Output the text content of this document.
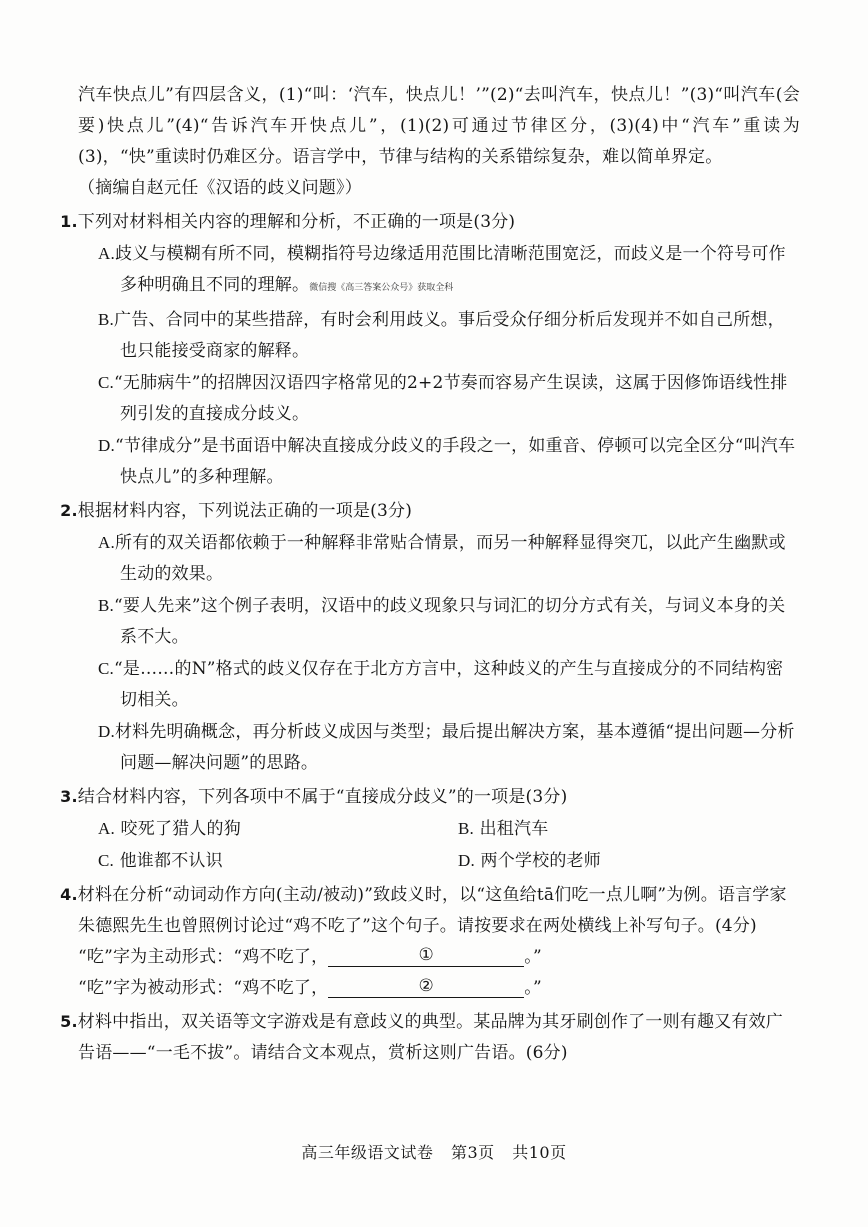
汽车快点儿”有四层含义，(1)“叫：‘汽车，快点儿！’”(2)“去叫汽车，快点儿！”(3)“叫汽车(会要)快点儿”(4)“告诉汽车开快点儿”，(1)(2)可通过节律区分，(3)(4)中“汽车”重读为(3)，“快”重读时仍难区分。语言学中，节律与结构的关系错综复杂，难以简单界定。

（摘编自赵元任《汉语的歧义问题》）

1.下列对材料相关内容的理解和分析，不正确的一项是(3分)

A.歧义与模糊有所不同，模糊指符号边缘适用范围比清晰范围宽泛，而歧义是一个符号可作多种明确且不同的理解。微信搜《高三答案公众号》获取全科

B.广告、合同中的某些措辞，有时会利用歧义。事后受众仔细分析后发现并不如自己所想，也只能接受商家的解释。

C.“无肺病牛”的招牌因汉语四字格常见的2+2节奏而容易产生误读，这属于因修饰语线性排列引发的直接成分歧义。

D.“节律成分”是书面语中解决直接成分歧义的手段之一，如重音、停顿可以完全区分“叫汽车快点儿”的多种理解。

2.根据材料内容，下列说法正确的一项是(3分)

A.所有的双关语都依赖于一种解释非常贴合情景，而另一种解释显得突兀，以此产生幽默或生动的效果。

B.“要人先来”这个例子表明，汉语中的歧义现象只与词汇的切分方式有关，与词义本身的关系不大。

C.“是……的N”格式的歧义仅存在于北方方言中，这种歧义的产生与直接成分的不同结构密切相关。

D.材料先明确概念，再分析歧义成因与类型；最后提出解决方案，基本遵循“提出问题—分析问题—解决问题”的思路。

3.结合材料内容，下列各项中不属于“直接成分歧义”的一项是(3分)

A. 咬死了猎人的狗	B. 出租汽车

C. 他谁都不认识	D. 两个学校的老师

4.材料在分析“动词动作方向(主动/被动)”致歧义时，以“这鱼给tā们吃一点儿啊”为例。语言学家朱德熙先生也曾照例讨论过“鸡不吃了”这个句子。请按要求在两处横线上补写句子。(4分)

“吃”字为主动形式：“鸡不吃了，	①	。”

“吃”字为被动形式：“鸡不吃了，	②	。”

5.材料中指出，双关语等文字游戏是有意歧义的典型。某品牌为其牙刷创作了一则有趣又有效广告语——“一毛不拔”。请结合文本观点，赏析这则广告语。(6分)

高三年级语文试卷 第3页 共10页
